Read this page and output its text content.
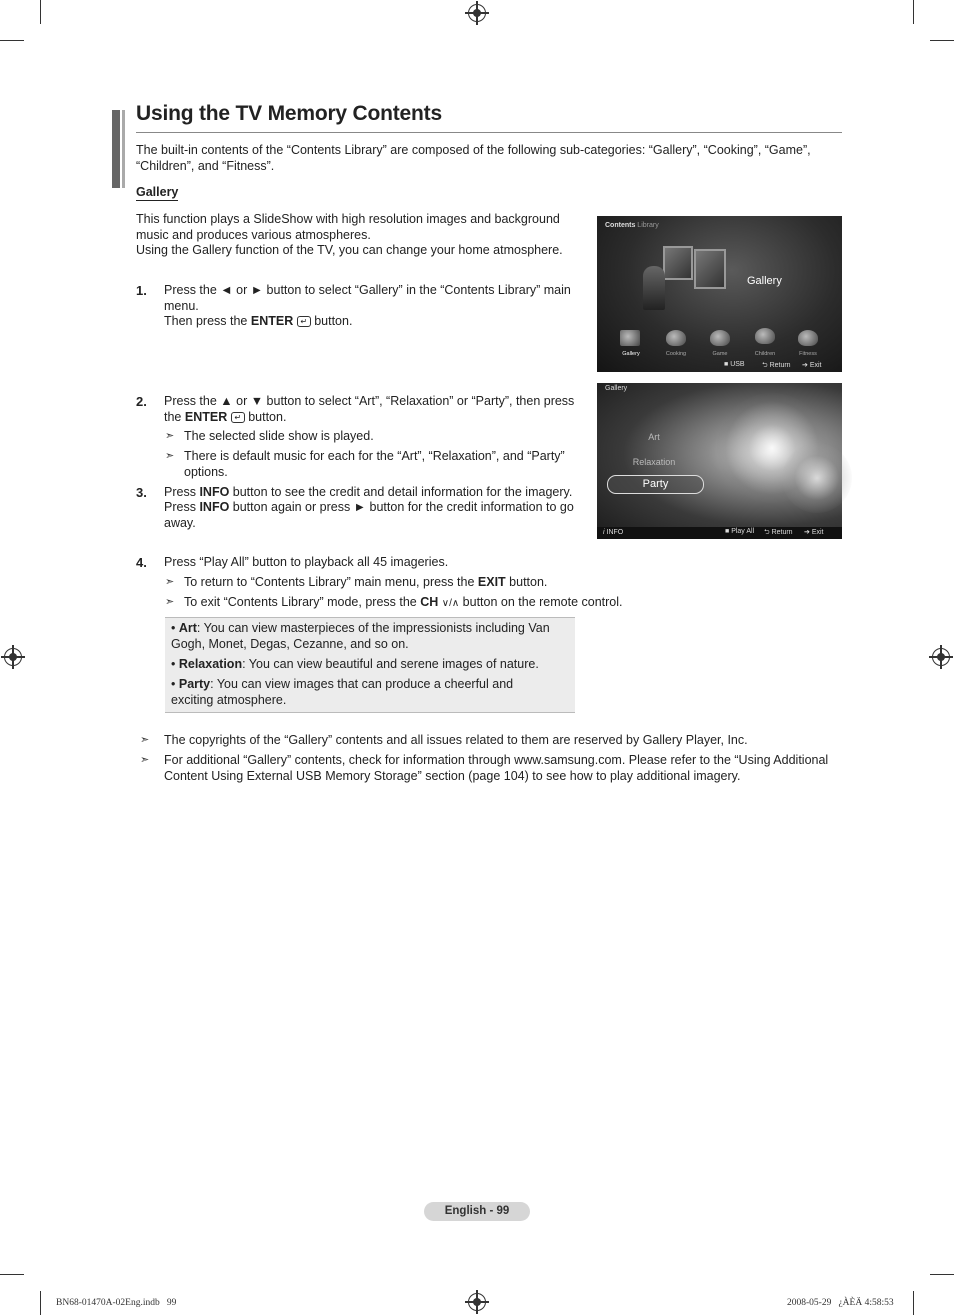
Using the TV Memory Contents
The built-in contents of the “Contents Library” are composed of the following sub-categories: “Gallery”, “Cooking”, “Game”, “Children”, and “Fitness”.
Gallery
This function plays a SlideShow with high resolution images and background music and produces various atmospheres.
Using the Gallery function of the TV, you can change your home atmosphere.
1. Press the ◄ or ► button to select “Gallery” in the “Contents Library” main menu.
Then press the ENTER ↵ button.
Contents Library
Gallery
Gallery	Cooking	Game	Children	Fitness
■ USB ⮌ Return ➔ Exit
2. Press the ▲ or ▼ button to select “Art”, “Relaxation” or “Party”, then press the ENTER ↵ button.
➣ The selected slide show is played.
➣ There is default music for each for the “Art”, “Relaxation”, and “Party” options.
3. Press INFO button to see the credit and detail information for the imagery.
Press INFO button again or press ► button for the credit information to go away.
Gallery
Art
Relaxation
Party
i INFO	■ Play All ⮌ Return ➔ Exit
4. Press “Play All” button to playback all 45 imageries.
➣ To return to “Contents Library” main menu, press the EXIT button.
➣ To exit “Contents Library” mode, press the CH ∨/∧ button on the remote control.
• Art: You can view masterpieces of the impressionists including Van Gogh, Monet, Degas, Cezanne, and so on.
• Relaxation: You can view beautiful and serene images of nature.
• Party: You can view images that can produce a cheerful and exciting atmosphere.
➣ The copyrights of the “Gallery” contents and all issues related to them are reserved by Gallery Player, Inc.
➣ For additional “Gallery” contents, check for information through www.samsung.com. Please refer to the “Using Additional Content Using External USB Memory Storage” section (page 104) to see how to play additional imagery.
English - 99
BN68-01470A-02Eng.indb   99	2008-05-29   ¿ÀÈÄ 4:58:53
